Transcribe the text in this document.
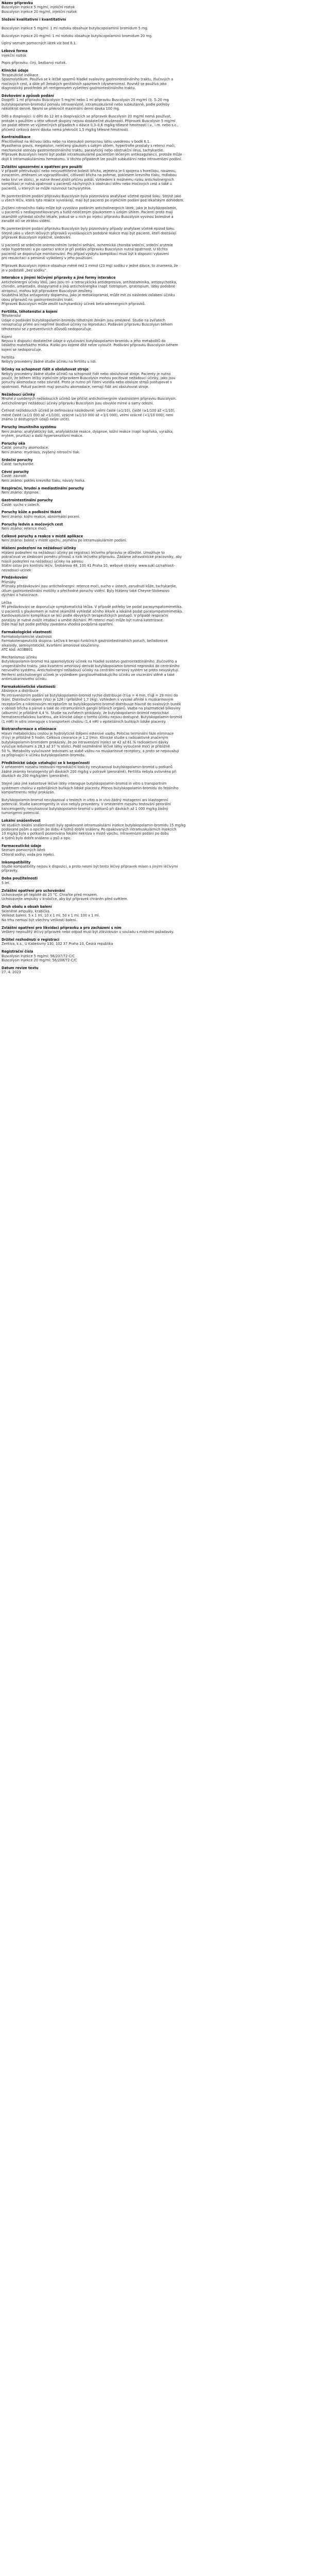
Název přípravku

Buscolysin Injekce 5 mg/ml, injekční roztok

Buscolysin Injekce 20 mg/ml, injekční roztok

Složení kvalitativní i kvantitativní

Buscolysin Injekce 5 mg/ml: 1 ml roztoku obsahuje butylscopolaminii bromidum 5 mg.

Buscolysin Injekce 20 mg/ml: 1 ml roztoku obsahuje butylscopolaminii bromidum 20 mg.

Úplný seznam pomocných látek viz bod 6.1.

Léková forma

Injekční roztok

Popis přípravku: čirý, bezbarvý roztok.

Klinické údaje

Terapeutické indikace

Spasmolytikum. Používá se k léčbě spazmů hladké svaloviny gastrointestinálního traktu, žlučových a

močových cest, a dále při ženských genitálních spazmech (dysmenorea). Rovněž se používá jako

diagnostický prostředek při rentgenovém vyšetření gastrointestinálního traktu.

Dávkování a způsob podání

Dospělí: 1 ml přípravku Buscolysin 5 mg/ml nebo 1 ml přípravku Buscolysin 20 mg/ml (tj. 5–20 mg

butylskopolamin-bromidu) pomalu intravenózně, intramuskulárně nebo subkutánně, podle potřeby

několikrát denně. Nesmí se překročit maximální denní dávka 100 mg.

Děti a dospívající: U dětí do 12 let a dospívajících se přípravek Buscolysin 20 mg/ml nemá používat,

protože s použitím u této věkové skupiny nejsou dostatečné zkušenosti. Přípravek Buscolysin 5 mg/ml

lze podat dětem ve výjimečných případech v dávce 0,3–0,6 mg/kg tělesné hmotnosti i.v., i.m. nebo s.c.,

přičemž celková denní dávka nemá překročit 1,5 mg/kg tělesné hmotnosti.

Kontraindikace

Přecitlivělost na léčivou látku nebo na kteroukoli pomocnou látku uvedenou v bodě 6.1.

Myasthenia gravis, megakolon, neléčený glaukom s úzkým úhlem, hypertrofie prostaty s retencí moči,

mechanické stenózy gastrointestinálního traktu, paralytický nebo obstrukční ileus, tachykardie.

Přípravek Buscolysin nesmí být podán intramuskulárně pacientům léčeným antikoagulancii, protože může

dojít k intramuskulárnímu hematomu. V těchto případech lze použít subkutánní nebo intravenózní podání.

Zvláštní upozornění a opatření pro použití

V případě přetrvávající nebo nevysvětlitelné bolesti břicha, zejména je-li spojena s horečkou, nauzeou,

zvracením, změnami ve vyprazdňování, citlivostí břicha na pohmat, poklesem krevního tlaku, mdlobou

nebo krví ve stolici, je nutné ihned zjistit příčinu potíží. Vzhledem k možnému riziku anticholinergních

komplikací je nutná opatrnost u pacientů náchylných k obstrukci střev nebo močových cest a také u

pacientů, u kterých se může rozvinout tachyarytmie.

Po parenterálním podání přípravku Buscolysin byla pozorována anafylaxe včetně epizod šoku. Stejně jako

u všech léčiv, která tyto reakce vyvolávají, mají být pacienti po injekčním podání pod lékařským dohledem.

Zvýšení nitroočního tlaku může být vyvoláno podáním anticholinergních látek, jako je butylskopolamin,

u pacientů s nediagnostikovaným a tudíž neléčeným glaukomem s úzkým úhlem. Pacienti proto mají

okamžitě vyhledat očního lékaře, pokud se u nich po injekci přípravku Buscolysin vyvinou bolestivé a

zarudlé oči se ztrátou vidění.

Po parenterálním podání přípravku Buscolysin byly pozorovány případy anafylaxe včetně epizod šoku.

Stejně jako u všech léčivých přípravků vyvolávajících podobné reakce mají být pacienti, kteří dostávají

přípravek Buscolysin injekčně, sledováni.

U pacientů se srdečním onemocněním (srdeční selhání, ischemická choroba srdeční, srdeční arytmie

nebo hypertenze) a po operaci srdce je při podání přípravku Buscolysin nutná opatrnost. U těchto

pacientů se doporučuje monitorování. Pro případ výskytu komplikací musí být k dispozici vybavení

pro resuscitaci a personál vyškolený v jeho používání.

Přípravek Buscolysin injekce obsahuje méně než 1 mmol (23 mg) sodíku v jedné dávce, to znamená, že

je v podstatě „bez sodíku“.

Interakce s jinými léčivými přípravky a jiné formy interakce

Anticholinergní účinky léků, jako jsou tri- a tetracyklická antidepresiva, antihistaminika, antipsychotika,

chinidin, amantadin, disopyramid a jiná anticholinergika (např. tiotropium, ipratropium, látky podobné

atropinu), mohou být přípravkem Buscolysin zesíleny.

Souběžná léčba antagonisty dopaminu, jako je metoklopramid, může mít za následek oslabení účinku

obou přípravků na gastrointestinální trakt.

Přípravek Buscolysin může zesílit tachykardický účinek beta-adrenergních přípravků.

Fertilita, těhotenství a kojení

Těhotenství

Údaje o podávání butylskopolamin-bromidu těhotným ženám jsou omezené. Studie na zvířatech

nenaznačují přímé ani nepřímé škodlivé účinky na reprodukci. Podávání přípravku Buscolysin během

těhotenství se z preventivních důvodů nedoporučuje.

Kojení

Nejsou k dispozici dostatečné údaje o vylučování butylskopolamin-bromidu a jeho metabolitů do

lidského mateřského mléka. Riziko pro kojené dítě nelze vyloučit. Podávání přípravku Buscolysin během

kojení se nedoporučuje.

Fertilita

Nebyly provedeny žádné studie účinku na fertilitu u lidí.

Účinky na schopnost řídit a obsluhovat stroje

Nebyly provedeny žádné studie účinků na schopnost řídit nebo obsluhovat stroje. Pacienty je nutno

poučit, že během léčby injekčním přípravkem Buscolysin mohou pociťovat nežádoucí účinky, jako jsou

poruchy akomodace nebo závratě. Proto je nutno při řízení vozidla nebo obsluze strojů postupovat s

opatrností. Pokud pacienti mají poruchu akomodace, nemají řídit ani obsluhovat stroje.

Nežádoucí účinky

Mnohé z uvedených nežádoucích účinků lze přičíst anticholinergním vlastnostem přípravku Buscolysin.

Anticholinergní nežádoucí účinky přípravku Buscolysin jsou obvykle mírné a samy odezní.

Četnost nežádoucích účinků je definována následovně: velmi časté (≥1/10), časté (≥1/100 až <1/10),

méně časté (≥1/1 000 až <1/100), vzácné (≥1/10 000 až <1/1 000), velmi vzácné (<1/10 000), není

známo (z dostupných údajů nelze určit).

Poruchy imunitního systému

Není známo: anafylaktický šok, anafylaktické reakce, dyspnoe, kožní reakce (např. kopřivka, vyrážka,

erytém, pruritus) a další hypersenzitivní reakce.

Poruchy oka

Časté: poruchy akomodace.

Není známo: mydriáza, zvýšený nitrooční tlak.

Srdeční poruchy

Časté: tachykardie.

Cévní poruchy

Časté: závratě.

Není známo: pokles krevního tlaku, návaly horka.

Respirační, hrudní a mediastinální poruchy

Není známo: dyspnoe.

Gastrointestinální poruchy

Časté: sucho v ústech.

Poruchy kůže a podkožní tkáně

Není známo: kožní reakce, abnormální pocení.

Poruchy ledvin a močových cest

Není známo: retence moči.

Celkové poruchy a reakce v místě aplikace

Není známo: bolest v místě vpichu, zejména po intramuskulárním podání.

Hlášení podezření na nežádoucí účinky

Hlášení podezření na nežádoucí účinky po registraci léčivého přípravku je důležité. Umožňuje to

pokračovat ve sledování poměru přínosů a rizik léčivého přípravku. Žádáme zdravotnické pracovníky, aby

hlásili podezření na nežádoucí účinky na adresu:

Státní ústav pro kontrolu léčiv, Šrobárova 48, 100 41 Praha 10, webové stránky: www.sukl.cz/nahlasit-

nezadouci-ucinek

Předávkování

Příznaky

Příznaky předávkování jsou anticholinergní: retence moči, sucho v ústech, zarudnutí kůže, tachykardie,

útlum gastrointestinální motility a přechodné poruchy vidění. Byly hlášeny také Cheyne-Stokesovo

dýchání a halucinace.

Léčba

Při předávkování se doporučuje symptomatická léčba. V případě potřeby lze podat parasympatomimetika.

U pacientů s glaukomem je nutné okamžitě vyhledat očního lékaře a lokálně podat parasympatomimetika.

Kardiovaskulární komplikace se léčí podle obvyklých terapeutických postupů. V případě respirační

paralýzy je nutné zvážit intubaci a umělé dýchání. Při retenci moči může být nutná katetrizace.

Dále mají být podle potřeby zavedena vhodná podpůrná opatření.

Farmakologické vlastnosti

Farmakodynamické vlastnosti

Farmakoterapeutická skupina: Léčiva k terapii funkčních gastrointestinálních poruch, belladonové

alkaloidy, semisyntetické, kvartérní amoniové sloučeniny.

ATC kód: A03BB01

Mechanismus účinku

Butylskopolamin-bromid má spasmolytický účinek na hladké svalstvo gastrointestinálního, žlučového a

urogenitálního traktu. Jako kvartérní amoniový derivát butylskopolamin-bromid neproniká do centrálního

nervového systému. Anticholinergní nežádoucí účinky na centrální nervový systém se proto nevyskytují.

Periferní anticholinergní účinek je výsledkem gangliovéhoblokujícího účinku ve viscerální stěně a také

antimuskarinového účinku.

Farmakokinetické vlastnosti

Absorpce a distribuce

Po intravenózním podání se butylskopolamin-bromid rychle distribuuje (t½α = 4 min, t½β = 29 min) do

tkání. Distribuční objem (Vss) je 128 l (přibližně 1,7 l/kg). Vzhledem k vysoké afinitě k muskarinovým

receptorům a nikotinovým receptorům se butylskopolamin-bromid distribuuje hlavně do svalových buněk

v oblasti břicha a pánve a také do intramurálních ganglií břišních orgánů. Vazba na plazmatické bílkoviny

(albumin) je přibližně 4,4 %. Studie na zvířatech prokázaly, že butylskopolamin-bromid neprochází

hematoencefalickou bariérou, ale klinické údaje o tomto účinku nejsou dostupné. Butylskopolamin-bromid

(1 mM) in vitro interaguje s transportem cholinu (1,4 nM) v epiteliálních buňkách lidské placenty.

Biotransformace a eliminace

Hlavní metabolickou cestou je hydrolytické štěpení esterové vazby. Poločas terminální fáze eliminace

(t½γ) je přibližně 5 hodin. Celková clearance je 1,2 l/min. Klinické studie s radioaktivně značeným

butylskopolamin-bromidem prokázaly, že po intravenózní injekci se 42 až 61 % radioaktivní dávky

vylučuje ledvinami a 28,3 až 37 % stolicí. Podíl nezměněné léčivé látky vyloučené močí je přibližně

50 %. Metabolity vylučované ledvinami se slabě vážou na muskarinové receptory, a proto se nepovažují

za přispívající k účinku butylskopolamin-bromidu.

Předklinické údaje vztahující se k bezpečnosti

V omezeném rozsahu testování reprodukční toxicity nevykazoval butylskopolamin-bromid u potkanů

žádné známky teratogenity při dávkách 200 mg/kg v potravě (perorálně). Fertilita nebyla ovlivněna při

dávkách do 200 mg/kg/den (perorálně).

Stejně jako jiné kationtové léčivé látky interaguje butylskopolamin-bromid in vitro s transportním

systémem cholinu v epiteliálních buňkách lidské placenty. Přenos butylskopolamin-bromidu do fetálního

kompartmentu nebyl prokázán.

Butylskopolamin-bromid nevykazoval v testech in vitro a in vivo žádný mutagenní ani klastogenní

potenciál. Studie kancerogenity in vivo nebyly provedeny. V omezeném rozsahu testování perorální

kancerogenity nevykazoval butylskopolamin-bromid u potkanů při dávkách až 1 000 mg/kg žádný

tumorigenní potenciál.

Lokální snášenlivost

Ve studiích lokální snášenlivosti byly opakované intramuskulární injekce butylskopolamin-bromidu 15 mg/kg

podávané psům a opicím po dobu 4 týdnů dobře snášeny. Po opakovaných intramuskulárních injekcích

10 mg/kg byla u potkanů pozorována fokální nekróza v místě vpichu. Intravenózní podání po dobu

4 týdnů bylo dobře snášeno u psů a opic.

Farmaceutické údaje

Seznam pomocných látek

Chlorid sodný, voda pro injekci.

Inkompatibility

Studie kompatibility nejsou k dispozici, a proto nesmí být tento léčivý přípravek mísen s jinými léčivými

přípravky.

Doba použitelnosti

5 let.

Zvláštní opatření pro uchovávání

Uchovávejte při teplotě do 25 °C. Chraňte před mrazem.

Uchovávejte ampulky v krabičce, aby byl přípravek chráněn před světlem.

Druh obalu a obsah balení

Skleněné ampulky, krabička.

Velikost balení: 5 x 1 ml, 10 x 1 ml, 50 x 1 ml, 100 x 1 ml.

Na trhu nemusí být všechny velikosti balení.

Zvláštní opatření pro likvidaci přípravku a pro zacházení s ním

Veškerý nepoužitý léčivý přípravek nebo odpad musí být zlikvidován v souladu s místními požadavky.

Držitel rozhodnutí o registraci

Zentiva, k.s., U Kabelovny 130, 102 37 Praha 10, Česká republika

Registrační čísla

Buscolysin Injekce 5 mg/ml: 56/207/72-C/C

Buscolysin Injekce 20 mg/ml: 56/208/72-C/C

Datum revize textu

27. 4. 2023
